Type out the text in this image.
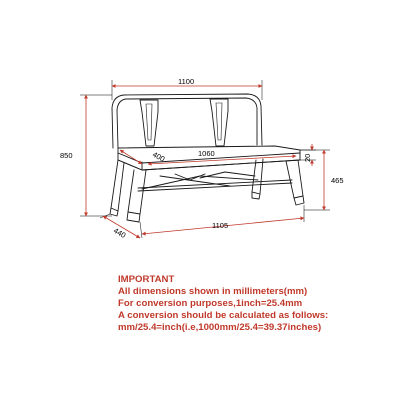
1100
850	400	1060	20
465
1105
440
IMPORTANT
All dimensions shown in millimeters(mm)
For conversion purposes,1inch=25.4mm
A conversion should be calculated as follows:
mm/25.4=inch(i.e,1000mm/25.4=39.37inches)
